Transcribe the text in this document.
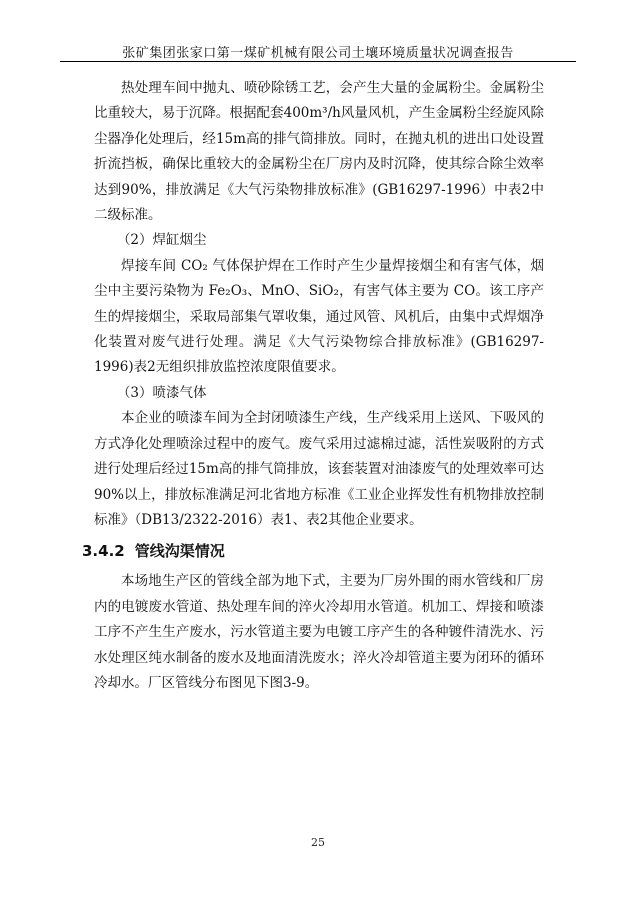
张矿集团张家口第一煤矿机械有限公司土壤环境质量状况调查报告

热处理车间中抛丸、喷砂除锈工艺，会产生大量的金属粉尘。金属粉尘比重较大，易于沉降。根据配套400m³/h风量风机，产生金属粉尘经旋风除尘器净化处理后，经15m高的排气筒排放。同时，在抛丸机的进出口处设置折流挡板，确保比重较大的金属粉尘在厂房内及时沉降，使其综合除尘效率达到90%，排放满足《大气污染物排放标准》(GB16297-1996）中表2中二级标准。

（2）焊缸烟尘

焊接车间 CO₂ 气体保护焊在工作时产生少量焊接烟尘和有害气体，烟尘中主要污染物为 Fe₂O₃、MnO、SiO₂，有害气体主要为 CO。该工序产生的焊接烟尘，采取局部集气罩收集，通过风管、风机后，由集中式焊烟净化装置对废气进行处理。满足《大气污染物综合排放标准》(GB16297-1996)表2无组织排放监控浓度限值要求。

（3）喷漆气体

本企业的喷漆车间为全封闭喷漆生产线，生产线采用上送风、下吸风的方式净化处理喷涂过程中的废气。废气采用过滤棉过滤，活性炭吸附的方式进行处理后经过15m高的排气筒排放，该套装置对油漆废气的处理效率可达90%以上，排放标准满足河北省地方标准《工业企业挥发性有机物排放控制标准》（DB13/2322-2016）表1、表2其他企业要求。

3.4.2 管线沟渠情况

本场地生产区的管线全部为地下式，主要为厂房外围的雨水管线和厂房内的电镀废水管道、热处理车间的淬火冷却用水管道。机加工、焊接和喷漆工序不产生生产废水，污水管道主要为电镀工序产生的各种镀件清洗水、污水处理区纯水制备的废水及地面清洗废水；淬火冷却管道主要为闭环的循环冷却水。厂区管线分布图见下图3-9。

25
